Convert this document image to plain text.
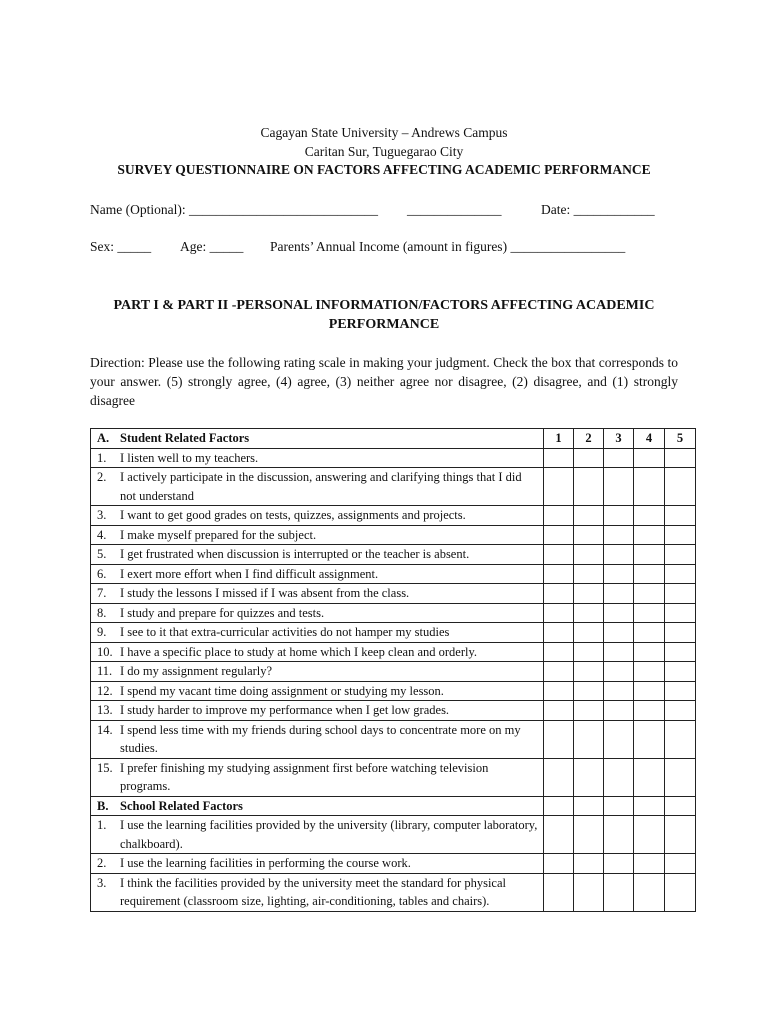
Cagayan State University – Andrews Campus
Caritan Sur, Tuguegarao City
SURVEY QUESTIONNAIRE ON FACTORS AFFECTING ACADEMIC PERFORMANCE
Name (Optional): ____________________________ ______________	Date: ____________
Sex: _____ Age: _____ Parents’ Annual Income (amount in figures) _________________
PART I & PART II -PERSONAL INFORMATION/FACTORS AFFECTING ACADEMIC
PERFORMANCE
Direction: Please use the following rating scale in making your judgment. Check the box that corresponds to your answer. (5) strongly agree, (4) agree, (3) neither agree nor disagree, (2) disagree, and (1) strongly disagree
A. Student Related Factors	1	2	3	4	5

1. I listen well to my teachers.					

2. I actively participate in the discussion, answering and clarifying things that I did not understand					

3. I want to get good grades on tests, quizzes, assignments and projects.					

4. I make myself prepared for the subject.					

5. I get frustrated when discussion is interrupted or the teacher is absent.					

6. I exert more effort when I find difficult assignment.					

7. I study the lessons I missed if I was absent from the class.					

8. I study and prepare for quizzes and tests.					

9. I see to it that extra-curricular activities do not hamper my studies					

10. I have a specific place to study at home which I keep clean and orderly.					

11. I do my assignment regularly?					

12. I spend my vacant time doing assignment or studying my lesson.					

13. I study harder to improve my performance when I get low grades.					

14. I spend less time with my friends during school days to concentrate more on my studies.					

15. I prefer finishing my studying assignment first before watching television programs.					

B. School Related Factors					

1. I use the learning facilities provided by the university (library, computer laboratory, chalkboard).					

2. I use the learning facilities in performing the course work.					

3. I think the facilities provided by the university meet the standard for physical requirement (classroom size, lighting, air-conditioning, tables and chairs).					
